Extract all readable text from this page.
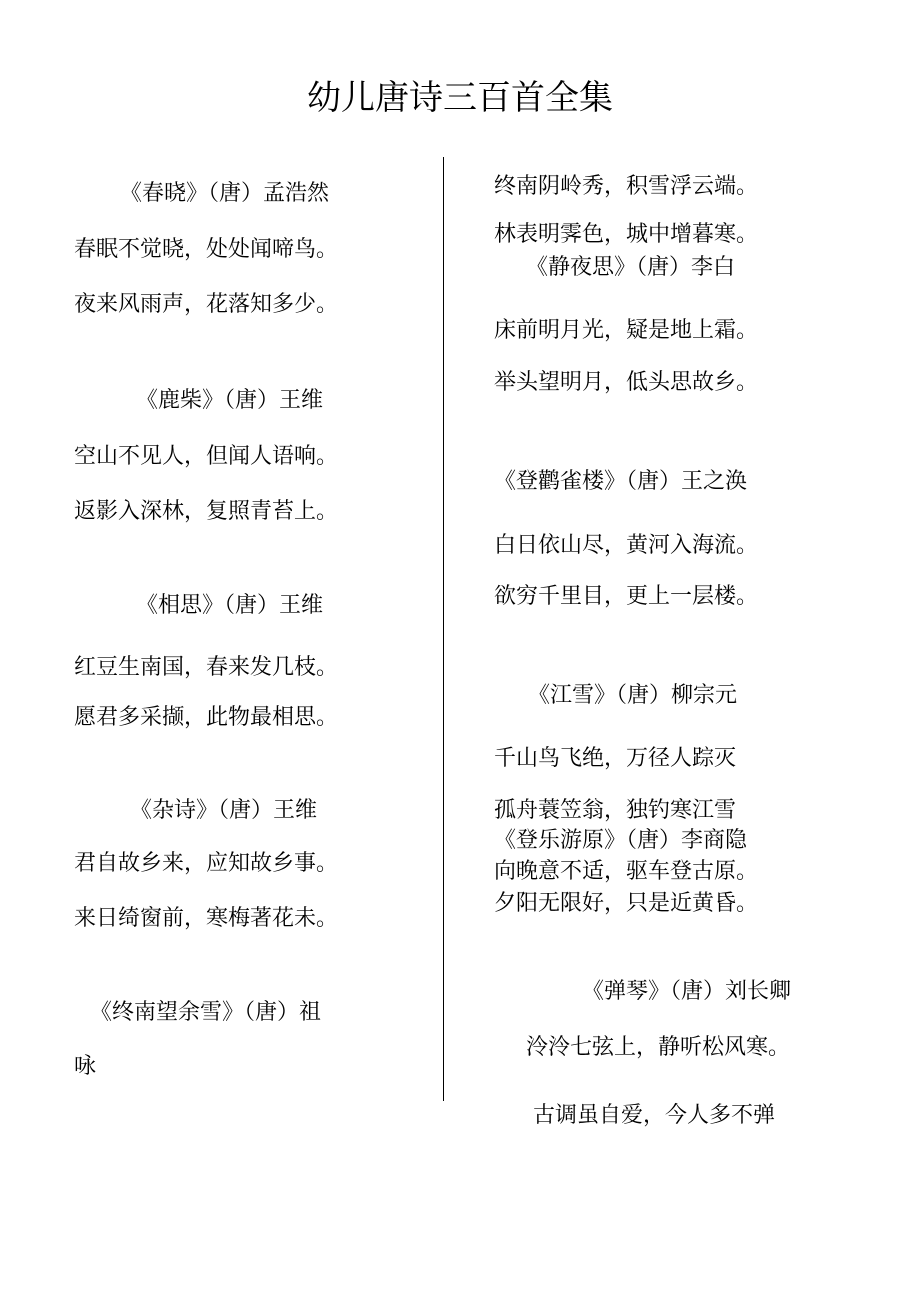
幼儿唐诗三百首全集
《春晓》（唐）孟浩然
春眠不觉晓，处处闻啼鸟。
夜来风雨声，花落知多少。
《鹿柴》（唐）王维
空山不见人，但闻人语响。
返影入深林，复照青苔上。
《相思》（唐）王维
红豆生南国，春来发几枝。
愿君多采撷，此物最相思。
《杂诗》（唐）王维
君自故乡来，应知故乡事。
来日绮窗前，寒梅著花未。
《终南望余雪》（唐）祖
咏
终南阴岭秀，积雪浮云端。
林表明霁色，城中增暮寒。
《静夜思》（唐）李白
床前明月光，疑是地上霜。
举头望明月，低头思故乡。
《登鹳雀楼》（唐）王之涣
白日依山尽，黄河入海流。
欲穷千里目，更上一层楼。
《江雪》（唐）柳宗元
千山鸟飞绝，万径人踪灭
孤舟蓑笠翁，独钓寒江雪
《登乐游原》（唐）李商隐
向晚意不适，驱车登古原。
夕阳无限好，只是近黄昏。
《弹琴》（唐）刘长卿
泠泠七弦上，静听松风寒。
古调虽自爱，今人多不弹
